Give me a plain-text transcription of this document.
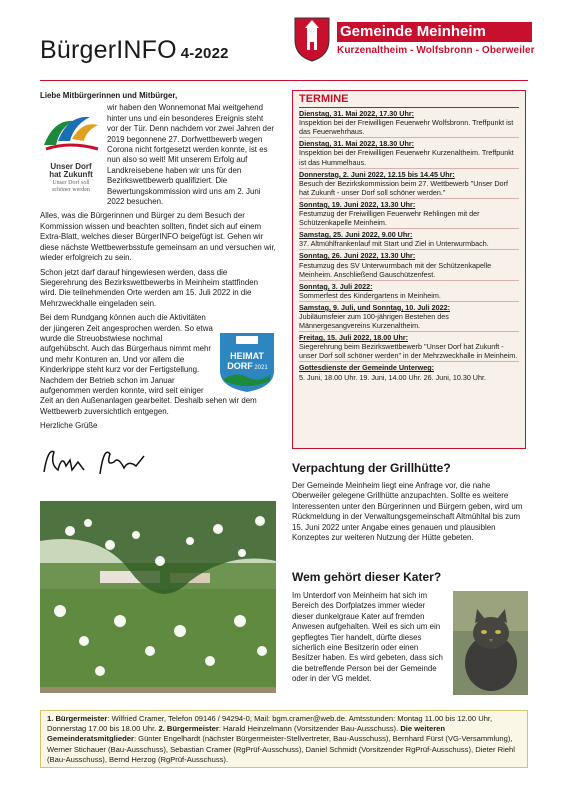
BürgerINFO 4-2022
Gemeinde Meinheim
Kurzenaltheim - Wolfsbronn - Oberweiler
Liebe Mitbürgerinnen und Mitbürger,
Unser Dorf
hat Zukunft
Unser Dorf soll
schöner werden

wir haben den Wonnemonat Mai weitgehend hinter uns und ein besonderes Ereignis steht vor der Tür. Denn nachdem vor zwei Jahren der 2019 begonnene 27. Dorfwettbewerb wegen Corona nicht fortgesetzt werden konnte, ist es nun also so weit! Mit unserem Erfolg auf Landkreisebene haben wir uns für den Bezirkswettbewerb qualifiziert. Die Bewertungskommission wird uns am 2. Juni 2022 besuchen.

Alles, was die Bürgerinnen und Bürger zu dem Besuch der Kommission wissen und beachten sollten, findet sich auf einem Extra-Blatt, welches dieser BürgerINFO beigefügt ist. Gehen wir diese nächste Wettbewerbsstufe gemeinsam an und versuchen wir, wieder erfolgreich zu sein.

Schon jetzt darf darauf hingewiesen werden, dass die Siegerehrung des Bezirkswettbewerbs in Meinheim stattfinden wird. Die teilnehmenden Orte werden am 15. Juli 2022 in die Mehrzweckhalle eingeladen sein.

HEIMAT
DORF 2021

Bei dem Rundgang können auch die Aktivitäten der jüngeren Zeit angesprochen werden. So etwa wurde die Streuobstwiese nochmal aufgehübscht. Auch das Bürgerhaus nimmt mehr und mehr Konturen an. Und vor allem die Kinderkrippe steht kurz vor der Fertigstellung. Nachdem der Betrieb schon im Januar aufgenommen werden konnte, wird seit einiger Zeit an den Außenanlagen gearbeitet. Deshalb sehen wir dem Wettbewerb zuversichtlich entgegen.

Herzliche Grüße

TERMINE
Dienstag, 31. Mai 2022, 17.30 Uhr:
Inspektion bei der Freiwilligen Feuerwehr Wolfsbronn. Treffpunkt ist das Feuerwehrhaus.
Dienstag, 31. Mai 2022, 18.30 Uhr:
Inspektion bei der Freiwilligen Feuerwehr Kurzenaltheim. Treffpunkt ist das Hummelhaus.
Donnerstag, 2. Juni 2022, 12.15 bis 14.45 Uhr:
Besuch der Bezirkskommission beim 27. Wettbewerb "Unser Dorf hat Zukunft - unser Dorf soll schöner werden."
Sonntag, 19. Juni 2022, 13.30 Uhr:
Festumzug der Freiwilligen Feuerwehr Rehlingen mit der Schützenkapelle Meinheim.
Samstag, 25. Juni 2022, 9.00 Uhr:
37. Altmühlfrankenlauf mit Start und Ziel in Unterwurmbach.
Sonntag, 26. Juni 2022, 13.30 Uhr:
Festumzug des SV Unterwurmbach mit der Schützenkapelle Meinheim. Anschließend Gauschützenfest.
Sonntag, 3. Juli 2022:
Sommerfest des Kindergartens in Meinheim.
Samstag, 9. Juli, und Sonntag, 10. Juli 2022:
Jubiläumsfeier zum 100-jährigen Bestehen des Männergesangvereins Kurzenaltheim.
Freitag, 15. Juli 2022, 18.00 Uhr:
Siegerehrung beim Bezirkswettbewerb "Unser Dorf hat Zukunft - unser Dorf soll schöner werden" in der Mehrzweckhalle in Meinheim.
Gottesdienste der Gemeinde Unterweg:
5. Juni, 18.00 Uhr. 19. Juni, 14.00 Uhr. 26. Juni, 10.30 Uhr.
Verpachtung der Grillhütte?
Der Gemeinde Meinheim liegt eine Anfrage vor, die nahe Oberweiler gelegene Grillhütte anzupachten. Sollte es weitere Interessenten unter den Bürgerinnen und Bürgern geben, wird um Rückmeldung in der Verwaltungsgemeinschaft Altmühltal bis zum 15. Juni 2022 unter Angabe eines genauen und plausiblen Konzeptes zur weiteren Nutzung der Hütte gebeten.
Wem gehört dieser Kater?
Im Unterdorf von Meinheim hat sich im Bereich des Dorfplatzes immer wieder dieser dunkelgraue Kater auf fremden Anwesen aufgehalten. Weil es sich um ein gepflegtes Tier handelt, dürfte dieses sicherlich eine Besitzerin oder einen Besitzer haben. Es wird gebeten, dass sich die betreffende Person bei der Gemeinde oder in der VG meldet.
1. Bürgermeister: Wilfried Cramer, Telefon 09146 / 94294-0, Mail: bgm.cramer@web.de. Amtsstunden: Montag 11.00 bis 12.00 Uhr, Donnerstag 17.00 bis 18.00 Uhr. 2. Bürgermeister: Harald Heinzelmann (Vorsitzender Bau-Ausschuss). Die weiteren Gemeinderatsmitglieder: Günter Engelhardt (nächster Bürgermeister-Stellvertreter, Bau-Ausschuss), Bernhard Fürst (VG-Versammlung), Werner Stichauer (Bau-Ausschuss), Sebastian Cramer (RgPrüf-Ausschuss), Daniel Schmidt (Vorsitzender RgPrüf-Ausschuss), Dieter Riehl (Bau-Ausschuss), Bernd Herzog (RgPrüf-Ausschuss).
